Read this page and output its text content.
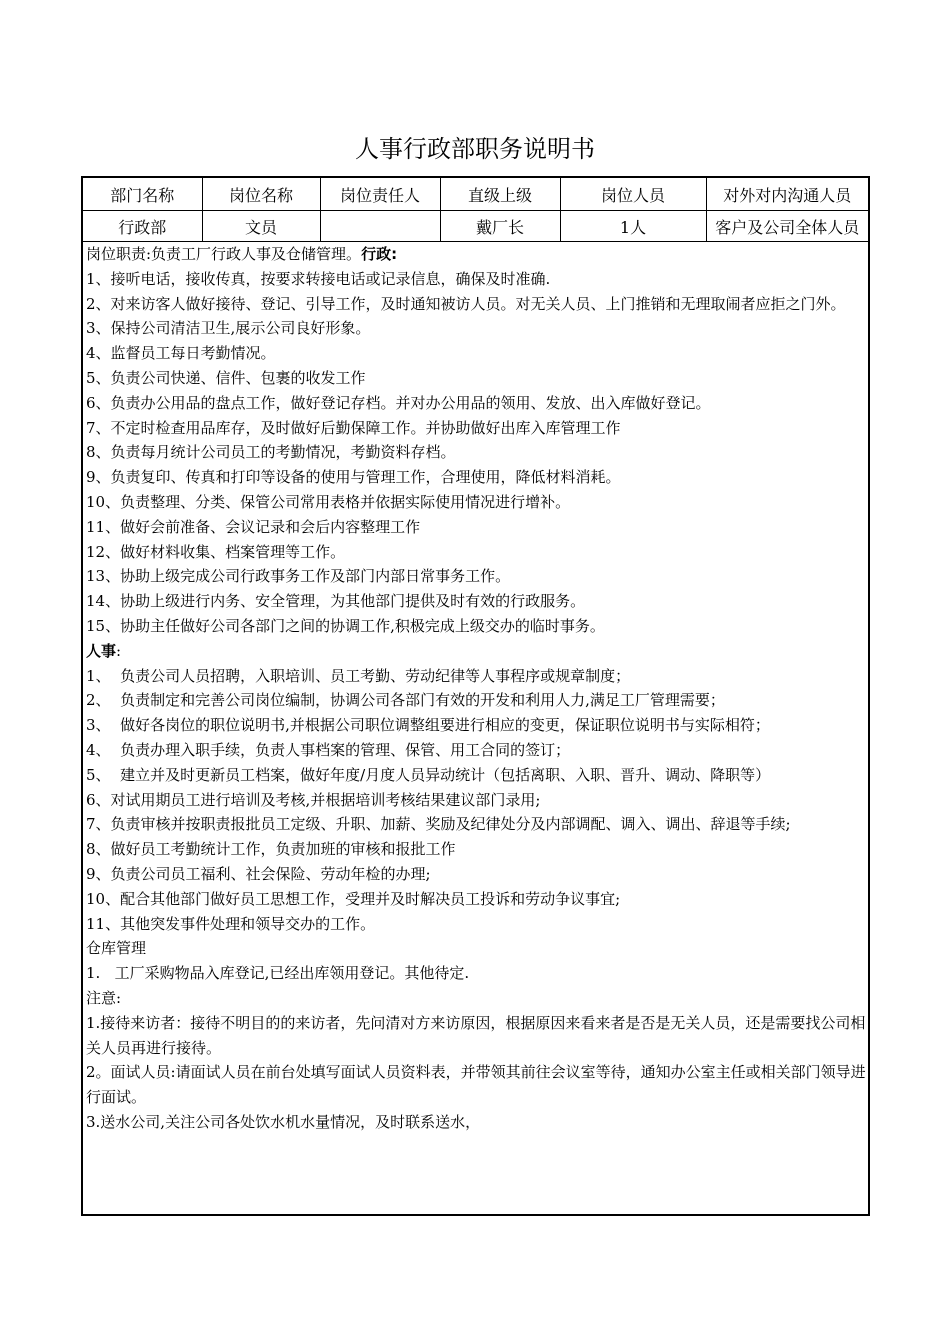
人事行政部职务说明书
部门名称	岗位名称	岗位责任人	直级上级	岗位人员	对外对内沟通人员
行政部	文员		戴厂长	1人	客户及公司全体人员
岗位职责:负责工厂行政人事及仓储管理。行政:
1、接听电话，接收传真，按要求转接电话或记录信息，确保及时准确.
2、对来访客人做好接待、登记、引导工作，及时通知被访人员。对无关人员、上门推销和无理取闹者应拒之门外。
3、保持公司清洁卫生,展示公司良好形象。
4、监督员工每日考勤情况。
5、负责公司快递、信件、包裹的收发工作
6、负责办公用品的盘点工作，做好登记存档。并对办公用品的领用、发放、出入库做好登记。
7、不定时检查用品库存，及时做好后勤保障工作。并协助做好出库入库管理工作
8、负责每月统计公司员工的考勤情况，考勤资料存档。
9、负责复印、传真和打印等设备的使用与管理工作，合理使用，降低材料消耗。
10、负责整理、分类、保管公司常用表格并依据实际使用情况进行增补。
11、做好会前准备、会议记录和会后内容整理工作
12、做好材料收集、档案管理等工作。
13、协助上级完成公司行政事务工作及部门内部日常事务工作。
14、协助上级进行内务、安全管理，为其他部门提供及时有效的行政服务。
15、协助主任做好公司各部门之间的协调工作,积极完成上级交办的临时事务。
人事:
1、  负责公司人员招聘，入职培训、员工考勤、劳动纪律等人事程序或规章制度；
2、  负责制定和完善公司岗位编制，协调公司各部门有效的开发和利用人力,满足工厂管理需要；
3、  做好各岗位的职位说明书,并根据公司职位调整组要进行相应的变更，保证职位说明书与实际相符；
4、  负责办理入职手续，负责人事档案的管理、保管、用工合同的签订；
5、  建立并及时更新员工档案，做好年度/月度人员异动统计（包括离职、入职、晋升、调动、降职等）
6、对试用期员工进行培训及考核,并根据培训考核结果建议部门录用;
7、负责审核并按职责报批员工定级、升职、加薪、奖励及纪律处分及内部调配、调入、调出、辞退等手续;
8、做好员工考勤统计工作，负责加班的审核和报批工作
9、负责公司员工福利、社会保险、劳动年检的办理;
10、配合其他部门做好员工思想工作，受理并及时解决员工投诉和劳动争议事宜;
11、其他突发事件处理和领导交办的工作。
仓库管理
1.   工厂采购物品入库登记,已经出库领用登记。其他待定.
注意:
1.接待来访者：接待不明目的的来访者，先问清对方来访原因，根据原因来看来者是否是无关人员，还是需要找公司相关人员再进行接待。
2。面试人员:请面试人员在前台处填写面试人员资料表，并带领其前往会议室等待，通知办公室主任或相关部门领导进行面试。
3.送水公司,关注公司各处饮水机水量情况，及时联系送水，
